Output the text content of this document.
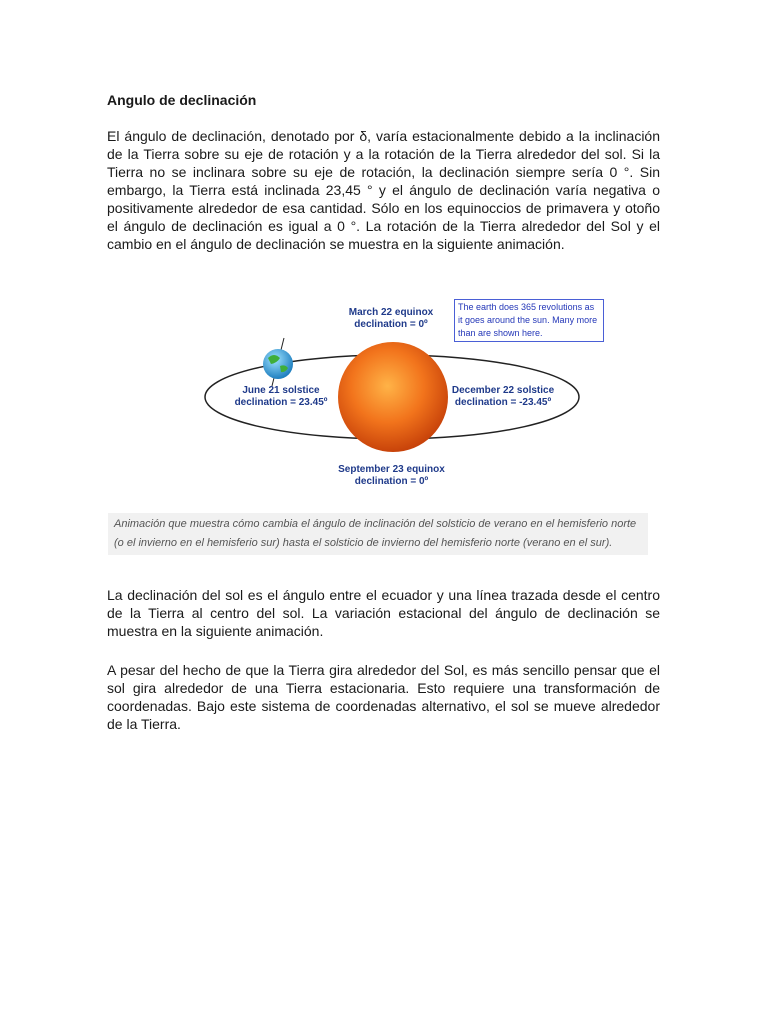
Angulo de declinación

El ángulo de declinación, denotado por δ, varía estacionalmente debido a la inclinación de la Tierra sobre su eje de rotación y a la rotación de la Tierra alrededor del sol. Si la Tierra no se inclinara sobre su eje de rotación, la declinación siempre sería 0 °. Sin embargo, la Tierra está inclinada 23,45 ° y el ángulo de declinación varía negativa o positivamente alrededor de esa cantidad. Sólo en los equinoccios de primavera y otoño el ángulo de declinación es igual a 0 °. La rotación de la Tierra alrededor del Sol y el cambio en el ángulo de declinación se muestra en la siguiente animación.

March 22 equinox
declination = 0º
June 21 solstice
declination = 23.45º
December 22 solstice
declination = -23.45º
September 23 equinox
declination = 0º
The earth does 365 revolutions as it goes around the sun. Many more than are shown here.
Animación que muestra cómo cambia el ángulo de inclinación del solsticio de verano en el hemisferio norte (o el invierno en el hemisferio sur) hasta el solsticio de invierno del hemisferio norte (verano en el sur).

La declinación del sol es el ángulo entre el ecuador y una línea trazada desde el centro de la Tierra al centro del sol. La variación estacional del ángulo de declinación se muestra en la siguiente animación.

A pesar del hecho de que la Tierra gira alrededor del Sol, es más sencillo pensar que el sol gira alrededor de una Tierra estacionaria. Esto requiere una transformación de coordenadas. Bajo este sistema de coordenadas alternativo, el sol se mueve alrededor de la Tierra.
